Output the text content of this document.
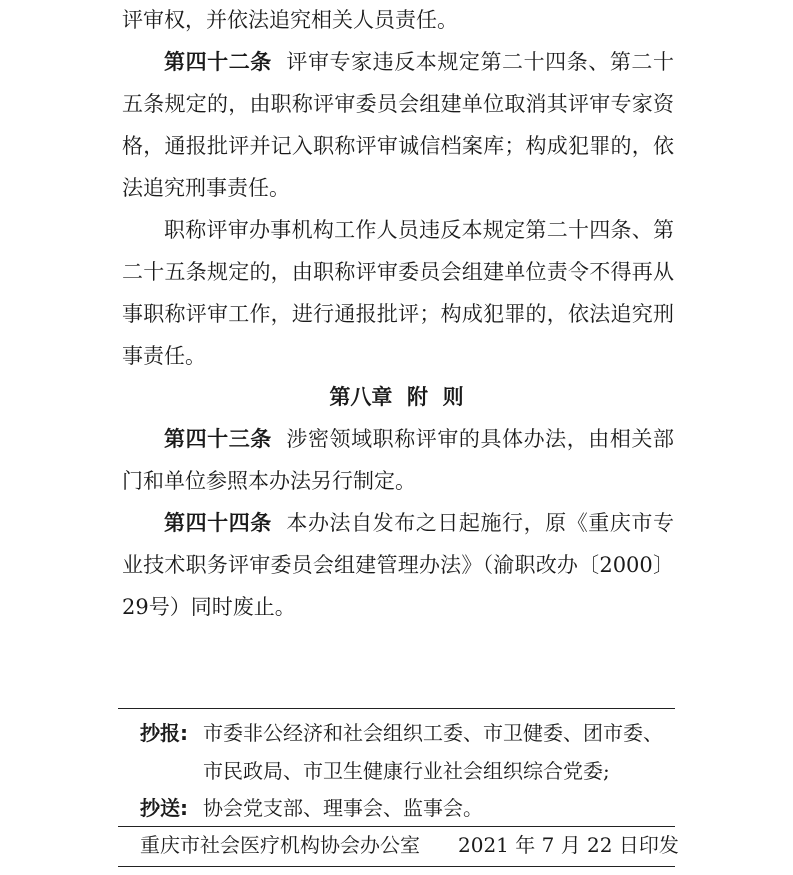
评审权，并依法追究相关人员责任。
第四十二条 评审专家违反本规定第二十四条、第二十
五条规定的，由职称评审委员会组建单位取消其评审专家资
格，通报批评并记入职称评审诚信档案库；构成犯罪的，依
法追究刑事责任。
职称评审办事机构工作人员违反本规定第二十四条、第
二十五条规定的，由职称评审委员会组建单位责令不得再从
事职称评审工作，进行通报批评；构成犯罪的，依法追究刑
事责任。
第八章  附  则
第四十三条 涉密领域职称评审的具体办法，由相关部
门和单位参照本办法另行制定。
第四十四条 本办法自发布之日起施行，原《重庆市专
业技术职务评审委员会组建管理办法》（渝职改办〔2000〕
29号）同时废止。
抄报: 市委非公经济和社会组织工委、市卫健委、团市委、
市民政局、市卫生健康行业社会组织综合党委;
抄送: 协会党支部、理事会、监事会。
重庆市社会医疗机构协会办公室 2021 年 7 月 22 日印发
